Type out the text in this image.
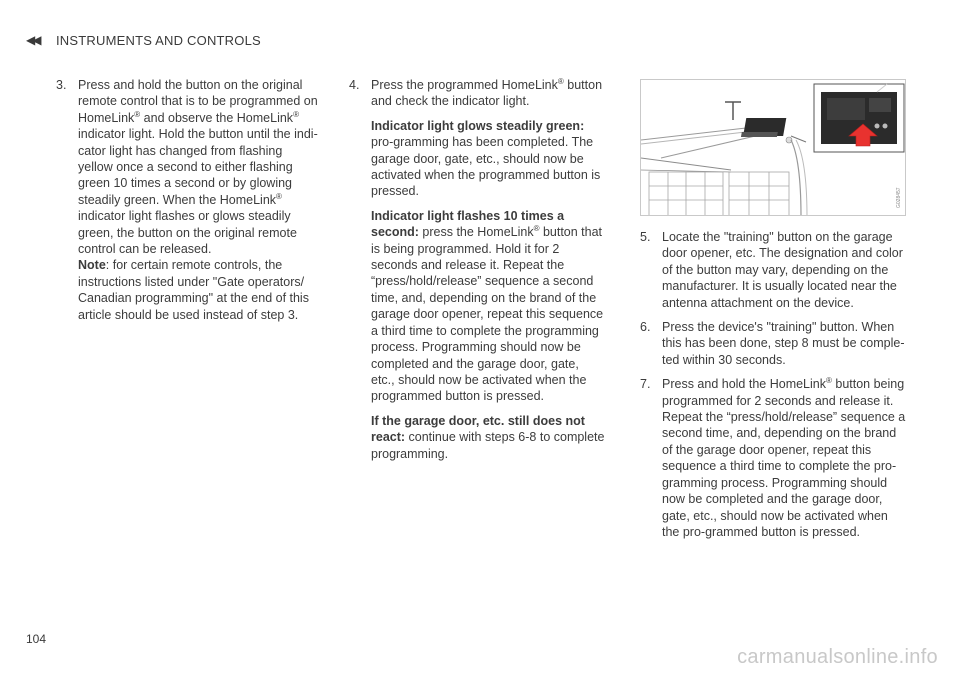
◀◀ INSTRUMENTS AND CONTROLS
3. Press and hold the button on the original remote control that is to be programmed on HomeLink® and observe the HomeLink® indicator light. Hold the button until the indi-cator light has changed from flashing yellow once a second to either flashing green 10 times a second or by glowing steadily green. When the HomeLink® indicator light flashes or glows steadily green, the button on the original remote control can be released.
Note: for certain remote controls, the instructions listed under "Gate operators/ Canadian programming" at the end of this article should be used instead of step 3.
4. Press the programmed HomeLink® button and check the indicator light.
Indicator light glows steadily green: pro-gramming has been completed. The garage door, gate, etc., should now be activated when the programmed button is pressed.
Indicator light flashes 10 times a second: press the HomeLink® button that is being programmed. Hold it for 2 seconds and release it. Repeat the “press/hold/release” sequence a second time, and, depending on the brand of the garage door opener, repeat this sequence a third time to complete the programming process. Programming should now be completed and the garage door, gate, etc., should now be activated when the programmed button is pressed.
If the garage door, etc. still does not react: continue with steps 6-8 to complete programming.
G028457
5. Locate the "training" button on the garage door opener, etc. The designation and color of the button may vary, depending on the manufacturer. It is usually located near the antenna attachment on the device.
6. Press the device's "training" button. When this has been done, step 8 must be comple-ted within 30 seconds.
7. Press and hold the HomeLink® button being programmed for 2 seconds and release it. Repeat the “press/hold/release” sequence a second time, and, depending on the brand of the garage door opener, repeat this sequence a third time to complete the pro-gramming process. Programming should now be completed and the garage door, gate, etc., should now be activated when the pro-grammed button is pressed.
104
carmanualsonline.info
